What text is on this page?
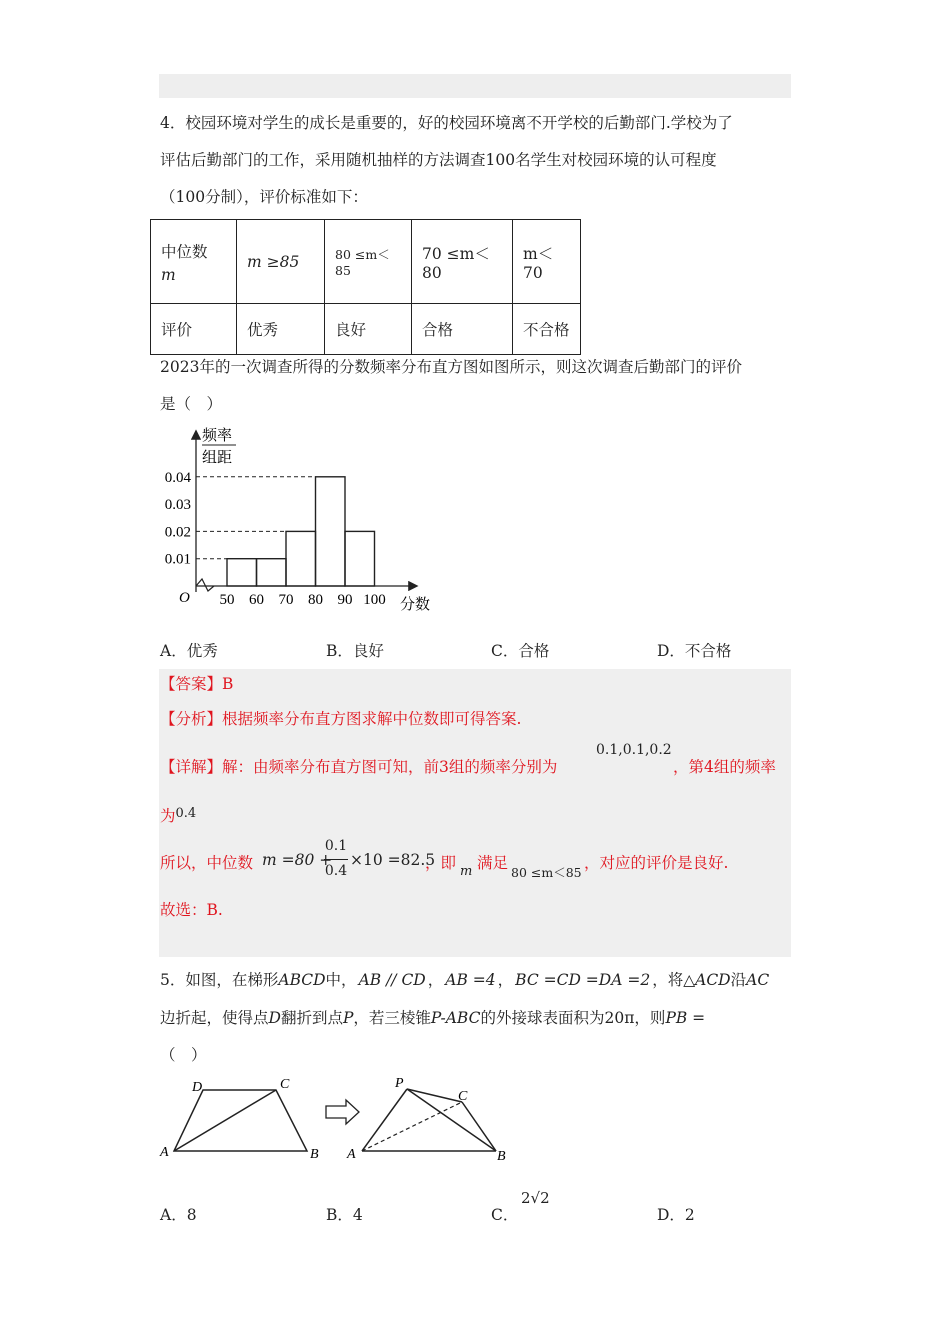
4．校园环境对学生的成长是重要的，好的校园环境离不开学校的后勤部门.学校为了
评估后勤部门的工作，采用随机抽样的方法调查100名学生对校园环境的认可程度
（100分制），评价标准如下：
中位数
m	m ≥85	80 ≤m＜85	70 ≤m＜80	m＜70
评价	优秀	良好	合格	不合格
2023年的一次调查所得的分数频率分布直方图如图所示，则这次调查后勤部门的评价
是（　）
频率
组距
O	分数
50 60 70 80 90 100
0.01
0.02
0.03
0.04
A．优秀	B．良好	C．合格	D．不合格
【答案】B
【分析】根据频率分布直方图求解中位数即可得答案.
【详解】解：由频率分布直方图可知，前3组的频率分别为
0.1,0.1,0.2
，第4组的频率
为$^{0.4}$
所以，中位数 m =80 +
0.1
0.4
×10 =82.5
，即 m 满足
80 ≤m＜85
，对应的评价是良好.
故选：B.
5．如图，在梯形ABCD中， AB // CD ， AB =4 ， BC =CD =DA =2 ，将△ACD沿AC
边折起，使得点D翻折到点P，若三棱锥P-ABC的外接球表面积为20π，则PB =
（　）
D	C
A	B
P
C
A	B
A．8	B．4	C．
2√2
D．2
